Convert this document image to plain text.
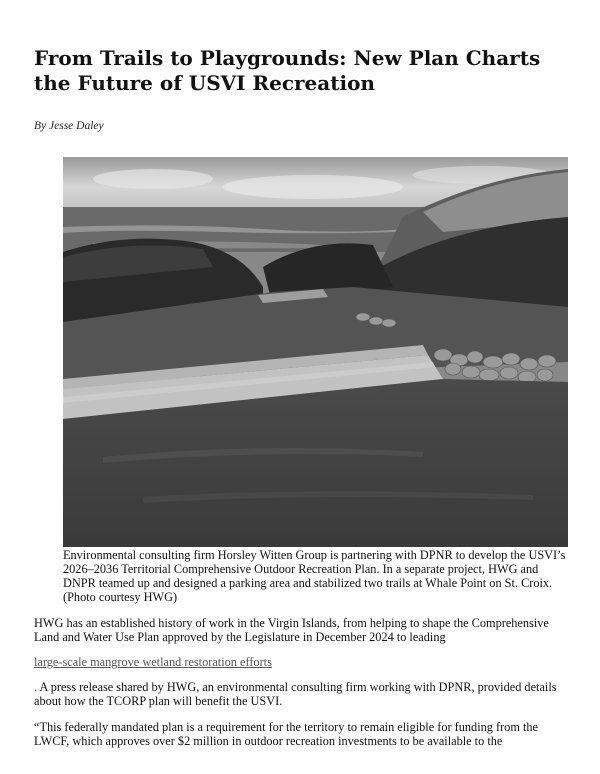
From Trails to Playgrounds: New Plan Charts the Future of USVI Recreation

By Jesse Daley

Environmental consulting firm Horsley Witten Group is partnering with DPNR to develop the USVI’s 2026–2036 Territorial Comprehensive Outdoor Recreation Plan. In a separate project, HWG and DNPR teamed up and designed a parking area and stabilized two trails at Whale Point on St. Croix. (Photo courtesy HWG)

HWG has an established history of work in the Virgin Islands, from helping to shape the Comprehensive Land and Water Use Plan approved by the Legislature in December 2024 to leading

large-scale mangrove wetland restoration efforts

. A press release shared by HWG, an environmental consulting firm working with DPNR, provided details about how the TCORP plan will benefit the USVI.

“This federally mandated plan is a requirement for the territory to remain eligible for funding from the LWCF, which approves over $2 million in outdoor recreation investments to be available to the
